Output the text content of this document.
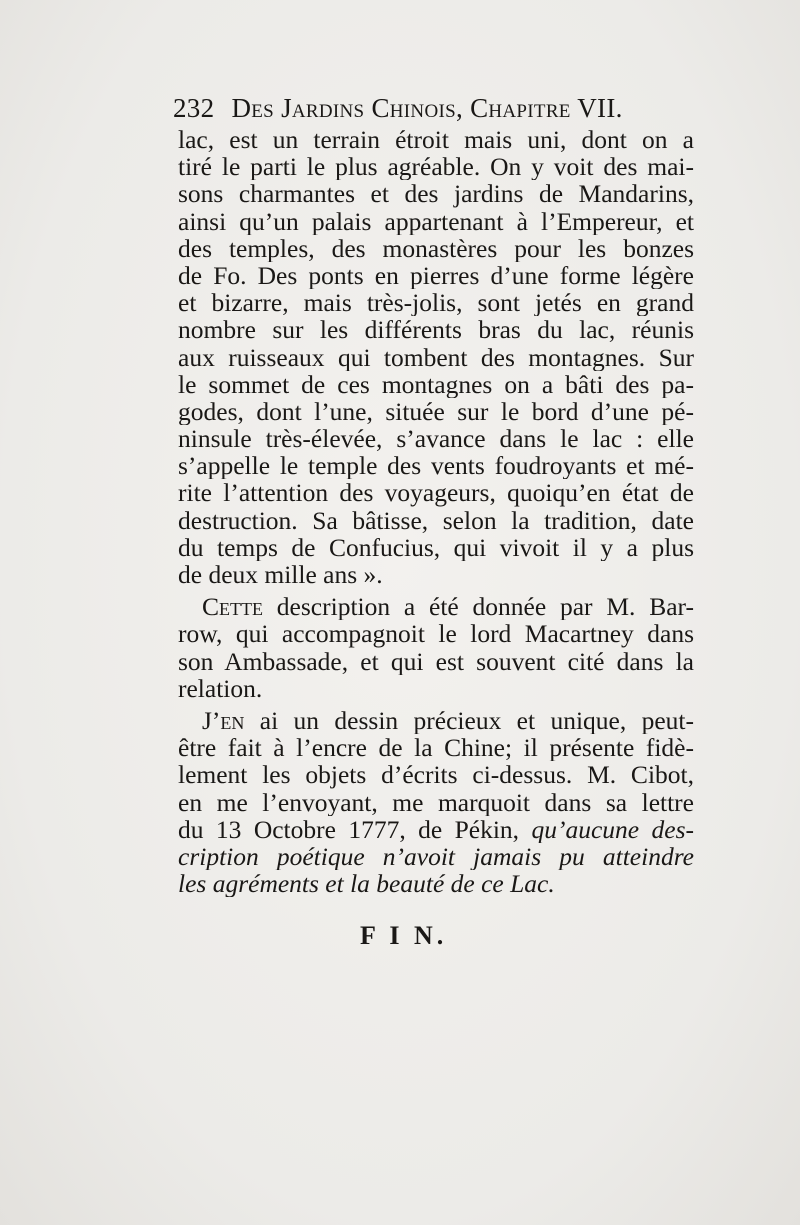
232 Des Jardins Chinois, Chapitre VII.
lac, est un terrain étroit mais uni, dont on a
tiré le parti le plus agréable. On y voit des mai-
sons charmantes et des jardins de Mandarins,
ainsi qu’un palais appartenant à l’Empereur, et
des temples, des monastères pour les bonzes
de Fo. Des ponts en pierres d’une forme légère
et bizarre, mais très-jolis, sont jetés en grand
nombre sur les différents bras du lac, réunis
aux ruisseaux qui tombent des montagnes. Sur
le sommet de ces montagnes on a bâti des pa-
godes, dont l’une, située sur le bord d’une pé-
ninsule très-élevée, s’avance dans le lac : elle
s’appelle le temple des vents foudroyants et mé-
rite l’attention des voyageurs, quoiqu’en état de
destruction. Sa bâtisse, selon la tradition, date
du temps de Confucius, qui vivoit il y a plus
de deux mille ans ».
Cette description a été donnée par M. Bar-
row, qui accompagnoit le lord Macartney dans
son Ambassade, et qui est souvent cité dans la
relation.
J’en ai un dessin précieux et unique, peut-
être fait à l’encre de la Chine; il présente fidè-
lement les objets d’écrits ci-dessus. M. Cibot,
en me l’envoyant, me marquoit dans sa lettre
du 13 Octobre 1777, de Pékin, qu’aucune des-
cription poétique n’avoit jamais pu atteindre
les agréments et la beauté de ce Lac.
F I N.
